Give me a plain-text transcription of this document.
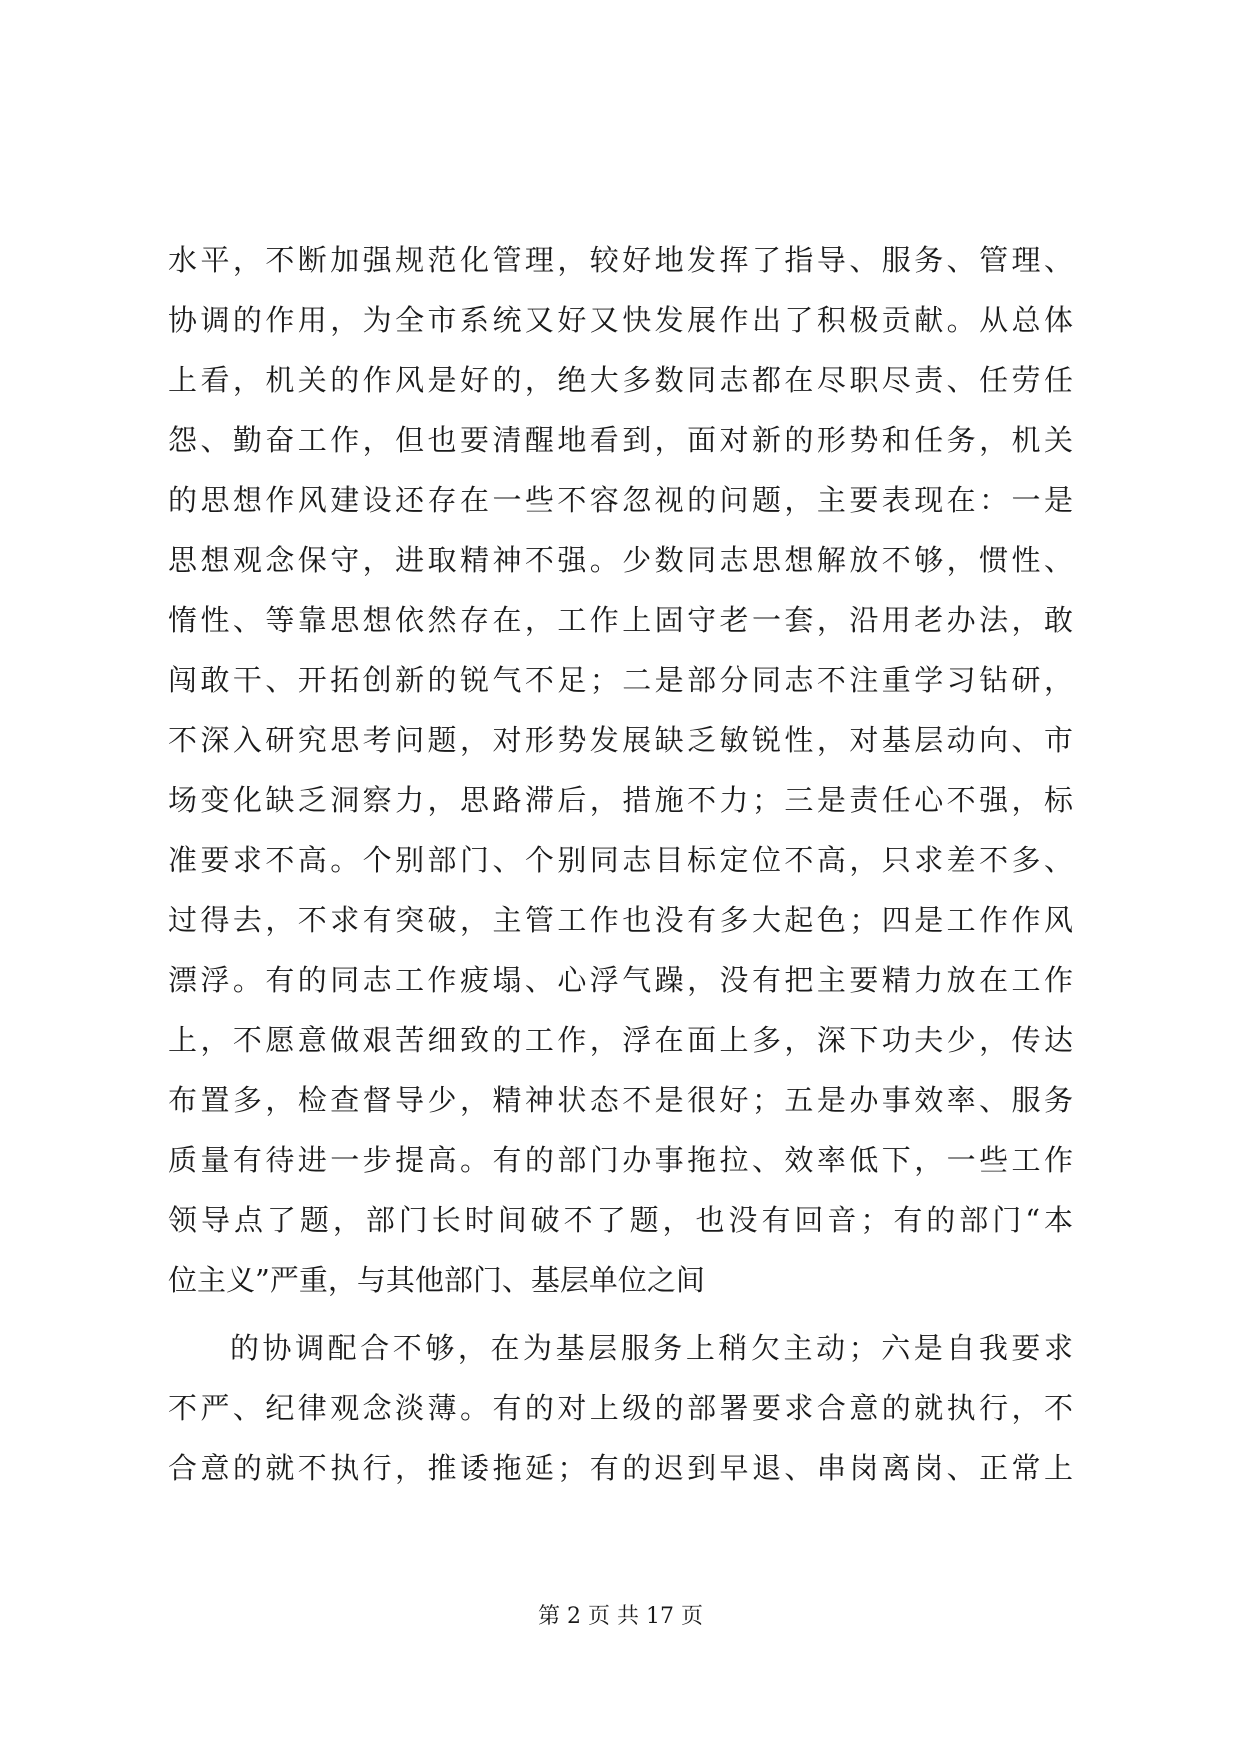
水平，不断加强规范化管理，较好地发挥了指导、服务、管理、
协调的作用，为全市系统又好又快发展作出了积极贡献。从总体
上看，机关的作风是好的，绝大多数同志都在尽职尽责、任劳任
怨、勤奋工作，但也要清醒地看到，面对新的形势和任务，机关
的思想作风建设还存在一些不容忽视的问题，主要表现在：一是
思想观念保守，进取精神不强。少数同志思想解放不够，惯性、
惰性、等靠思想依然存在，工作上固守老一套，沿用老办法，敢
闯敢干、开拓创新的锐气不足；二是部分同志不注重学习钻研，
不深入研究思考问题，对形势发展缺乏敏锐性，对基层动向、市
场变化缺乏洞察力，思路滞后，措施不力；三是责任心不强，标
准要求不高。个别部门、个别同志目标定位不高，只求差不多、
过得去，不求有突破，主管工作也没有多大起色；四是工作作风
漂浮。有的同志工作疲塌、心浮气躁，没有把主要精力放在工作
上，不愿意做艰苦细致的工作，浮在面上多，深下功夫少，传达
布置多，检查督导少，精神状态不是很好；五是办事效率、服务
质量有待进一步提高。有的部门办事拖拉、效率低下，一些工作
领导点了题，部门长时间破不了题，也没有回音；有的部门“本
位主义”严重，与其他部门、基层单位之间
的协调配合不够，在为基层服务上稍欠主动；六是自我要求
不严、纪律观念淡薄。有的对上级的部署要求合意的就执行，不
合意的就不执行，推诿拖延；有的迟到早退、串岗离岗、正常上
第 2 页 共 17 页
